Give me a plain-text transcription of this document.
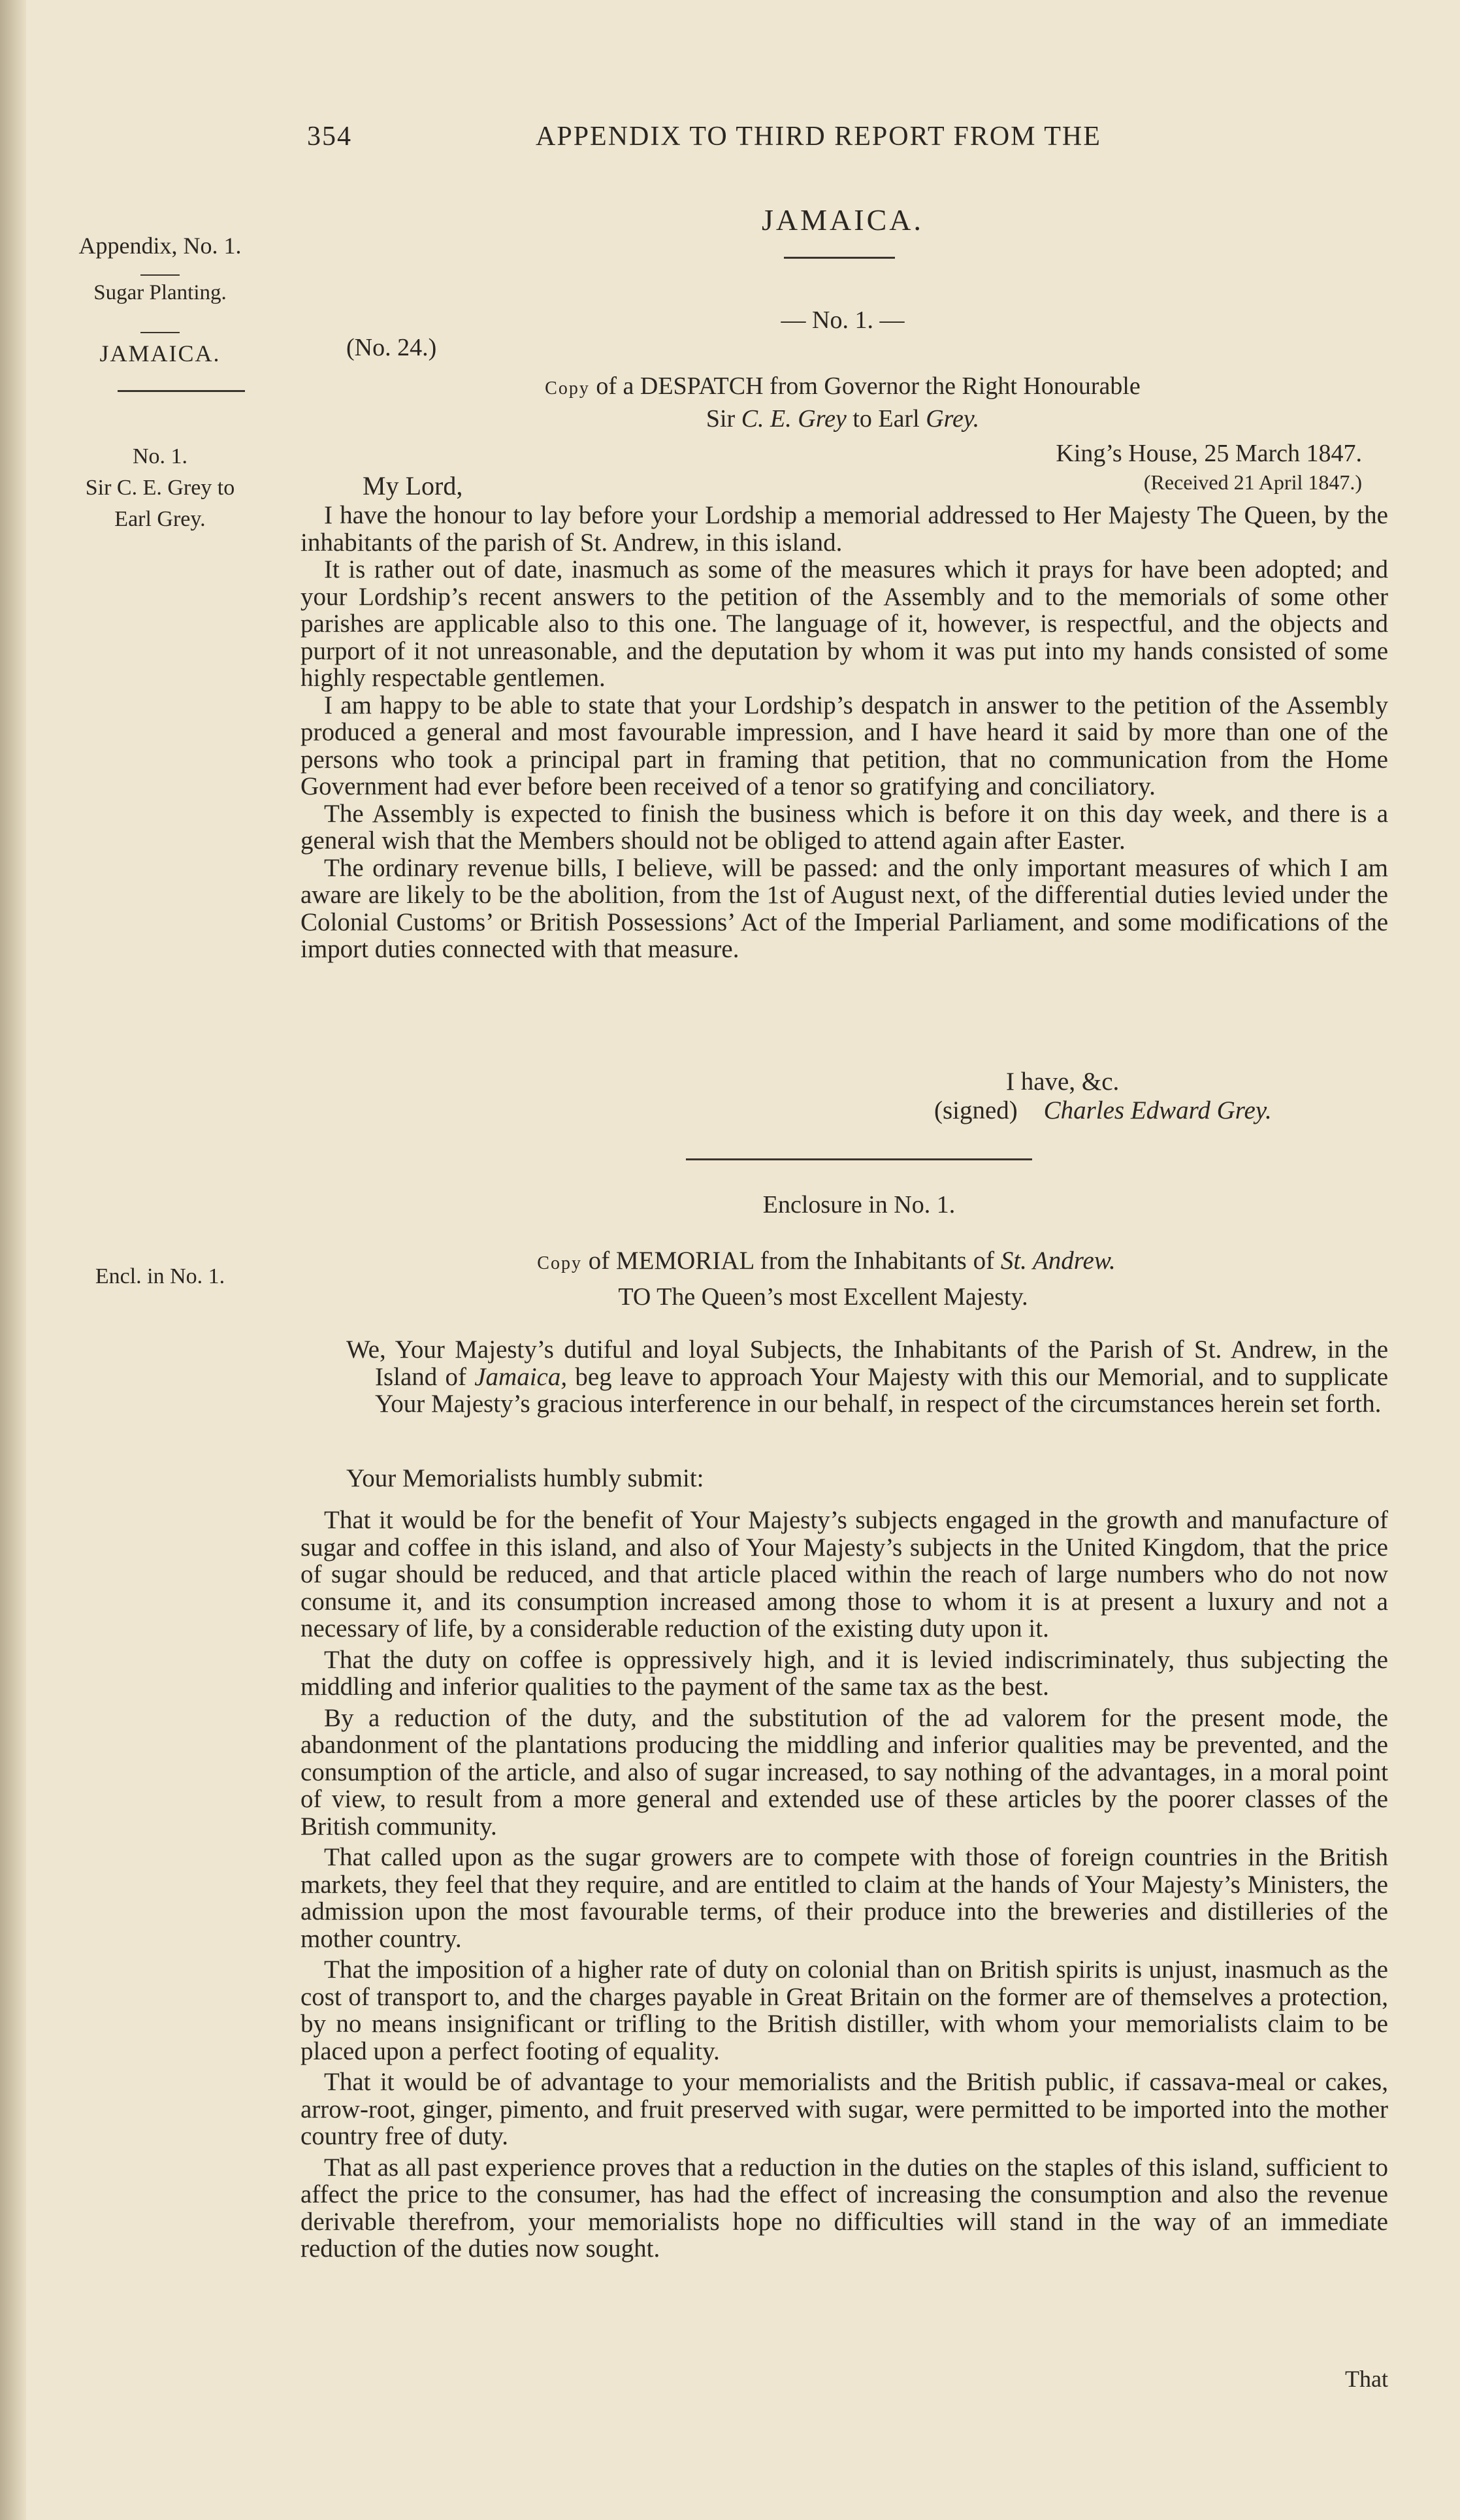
354	APPENDIX TO THIRD REPORT FROM THE
JAMAICA.
Appendix, No. 1.
Sugar Planting.
JAMAICA.
No. 1.
Sir C. E. Grey to
Earl Grey.
Encl. in No. 1.
— No. 1. —
(No. 24.)
Copy of a DESPATCH from Governor the Right Honourable
Sir C. E. Grey to Earl Grey.
King’s House, 25 March 1847.
(Received 21 April 1847.)
My Lord,

I have the honour to lay before your Lordship a memorial addressed to Her Majesty The Queen, by the inhabitants of the parish of St. Andrew, in this island.

It is rather out of date, inasmuch as some of the measures which it prays for have been adopted; and your Lordship’s recent answers to the petition of the Assembly and to the memorials of some other parishes are applicable also to this one. The language of it, however, is respectful, and the objects and purport of it not unreasonable, and the deputation by whom it was put into my hands consisted of some highly respectable gentlemen.

I am happy to be able to state that your Lordship’s despatch in answer to the petition of the Assembly produced a general and most favourable impression, and I have heard it said by more than one of the persons who took a principal part in framing that petition, that no communication from the Home Government had ever before been received of a tenor so gratifying and conciliatory.

The Assembly is expected to finish the business which is before it on this day week, and there is a general wish that the Members should not be obliged to attend again after Easter.

The ordinary revenue bills, I believe, will be passed: and the only important measures of which I am aware are likely to be the abolition, from the 1st of August next, of the differential duties levied under the Colonial Customs’ or British Possessions’ Act of the Imperial Parliament, and some modifications of the import duties connected with that measure.

I have, &c.
(signed) Charles Edward Grey.
Enclosure in No. 1.
Copy of MEMORIAL from the Inhabitants of St. Andrew.
TO The Queen’s most Excellent Majesty.

We, Your Majesty’s dutiful and loyal Subjects, the Inhabitants of the Parish of St. Andrew, in the Island of Jamaica, beg leave to approach Your Majesty with this our Memorial, and to supplicate Your Majesty’s gracious interference in our behalf, in respect of the circumstances herein set forth.

Your Memorialists humbly submit:

That it would be for the benefit of Your Majesty’s subjects engaged in the growth and manufacture of sugar and coffee in this island, and also of Your Majesty’s subjects in the United Kingdom, that the price of sugar should be reduced, and that article placed within the reach of large numbers who do not now consume it, and its consumption increased among those to whom it is at present a luxury and not a necessary of life, by a considerable reduction of the existing duty upon it.

That the duty on coffee is oppressively high, and it is levied indiscriminately, thus subjecting the middling and inferior qualities to the payment of the same tax as the best.

By a reduction of the duty, and the substitution of the ad valorem for the present mode, the abandonment of the plantations producing the middling and inferior qualities may be prevented, and the consumption of the article, and also of sugar increased, to say nothing of the advantages, in a moral point of view, to result from a more general and extended use of these articles by the poorer classes of the British community.

That called upon as the sugar growers are to compete with those of foreign countries in the British markets, they feel that they require, and are entitled to claim at the hands of Your Majesty’s Ministers, the admission upon the most favourable terms, of their produce into the breweries and distilleries of the mother country.

That the imposition of a higher rate of duty on colonial than on British spirits is unjust, inasmuch as the cost of transport to, and the charges payable in Great Britain on the former are of themselves a protection, by no means insignificant or trifling to the British distiller, with whom your memorialists claim to be placed upon a perfect footing of equality.

That it would be of advantage to your memorialists and the British public, if cassava-meal or cakes, arrow-root, ginger, pimento, and fruit preserved with sugar, were permitted to be imported into the mother country free of duty.

That as all past experience proves that a reduction in the duties on the staples of this island, sufficient to affect the price to the consumer, has had the effect of increasing the consumption and also the revenue derivable therefrom, your memorialists hope no difficulties will stand in the way of an immediate reduction of the duties now sought.

That
